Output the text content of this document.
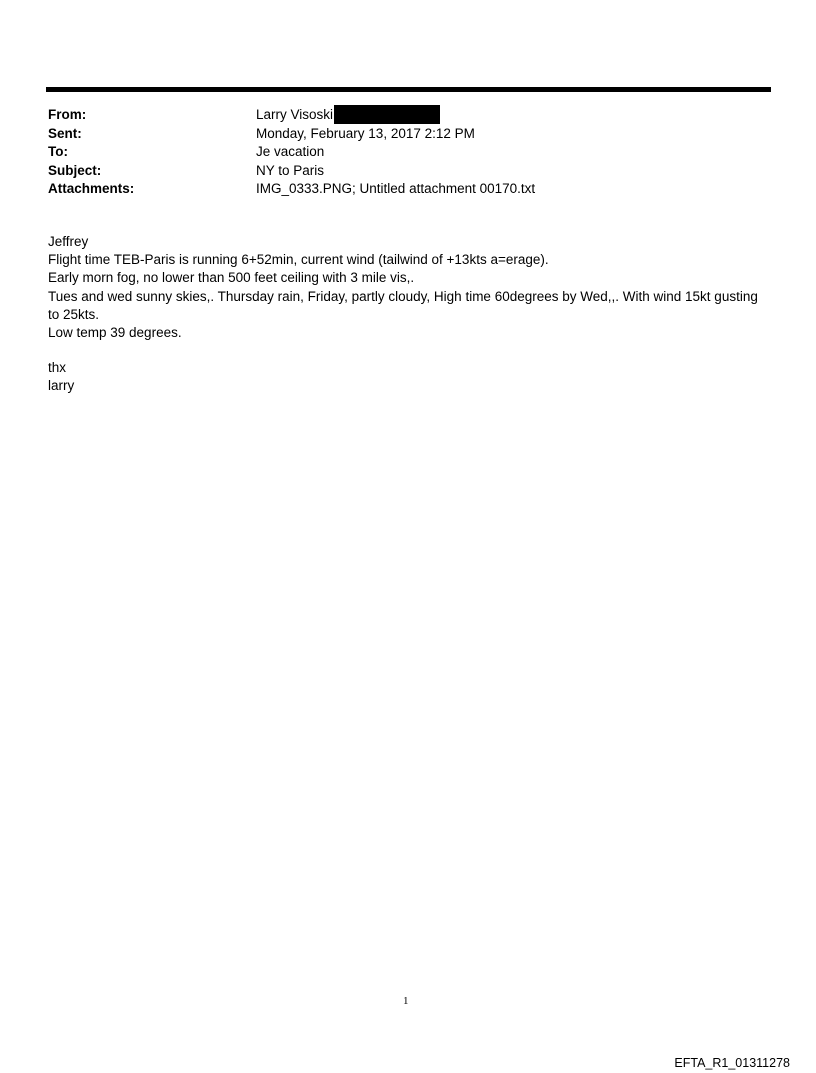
From:	Larry Visoski
Sent:	Monday, February 13, 2017 2:12 PM
To:	Je vacation
Subject:	NY to Paris
Attachments:	IMG_0333.PNG; Untitled attachment 00170.txt

Jeffrey

Flight time TEB-Paris is running 6+52min, current wind (tailwind of +13kts a=erage).

Early morn fog, no lower than 500 feet ceiling with 3 mile vis,.

Tues and wed sunny skies,. Thursday rain, Friday, partly cloudy, High time 60degrees by Wed,,. With wind 15kt gusting to 25kts.

Low temp 39 degrees.

thx

larry

1
EFTA_R1_01311278
